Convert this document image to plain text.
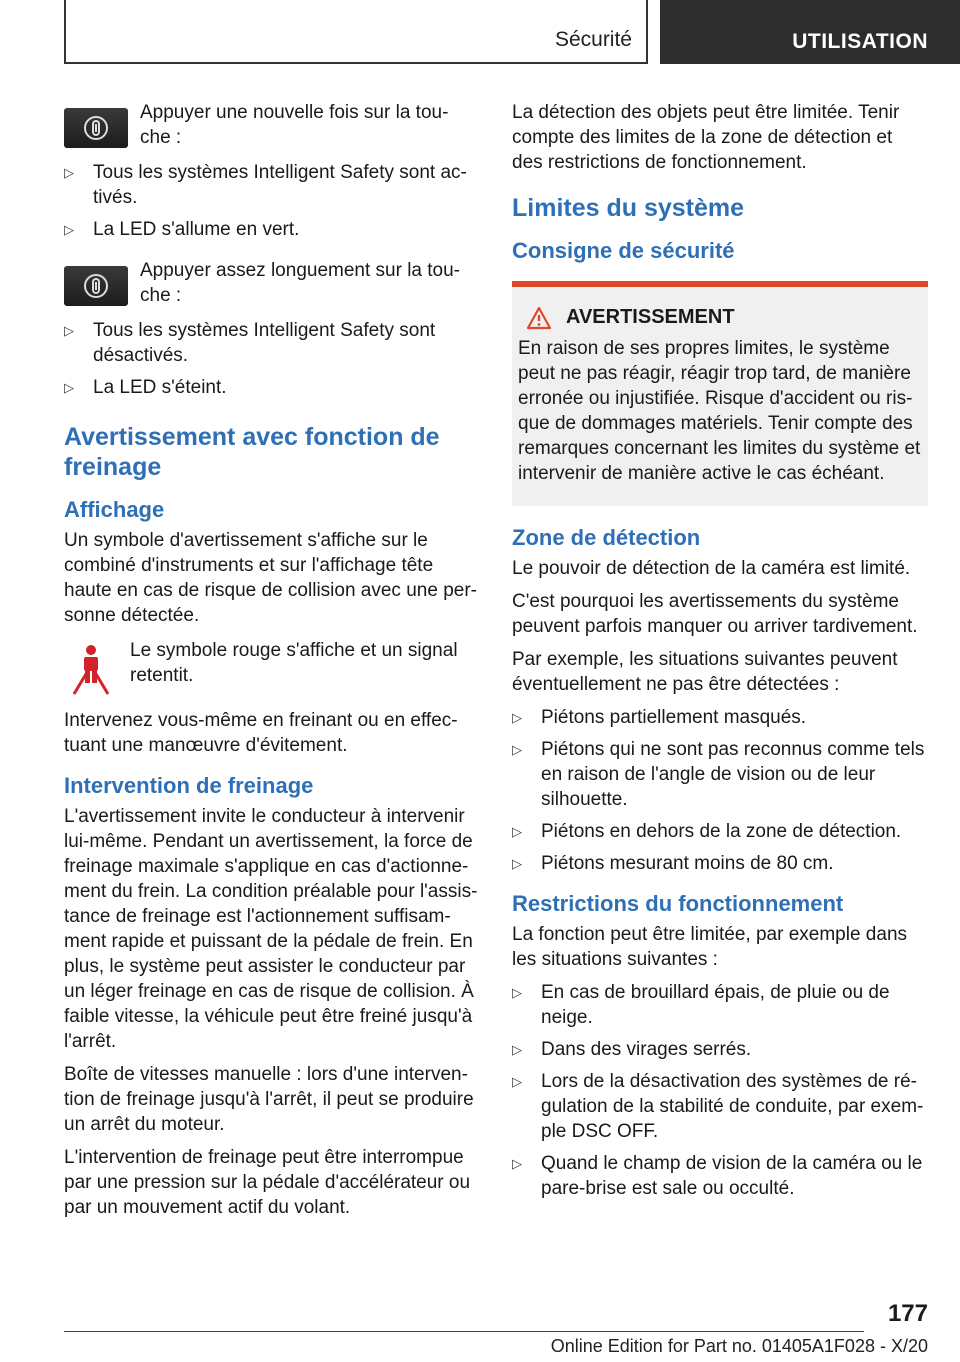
Sécurité	UTILISATION

Appuyer une nouvelle fois sur la tou-che :

▷ Tous les systèmes Intelligent Safety sont ac-tivés.
▷ La LED s'allume en vert.

Appuyer assez longuement sur la tou-che :

▷ Tous les systèmes Intelligent Safety sont désactivés.
▷ La LED s'éteint.
Avertissement avec fonction de freinage
Affichage

Un symbole d'avertissement s'affiche sur le combiné d'instruments et sur l'affichage tête haute en cas de risque de collision avec une per-sonne détectée.

Le symbole rouge s'affiche et un signal retentit.

Intervenez vous-même en freinant ou en effec-tuant une manœuvre d'évitement.

Intervention de freinage

L'avertissement invite le conducteur à intervenir lui-même. Pendant un avertissement, la force de freinage maximale s'applique en cas d'actionne-ment du frein. La condition préalable pour l'assis-tance de freinage est l'actionnement suffisam-ment rapide et puissant de la pédale de frein. En plus, le système peut assister le conducteur par un léger freinage en cas de risque de collision. À faible vitesse, la véhicule peut être freiné jusqu'à l'arrêt.

Boîte de vitesses manuelle : lors d'une interven-tion de freinage jusqu'à l'arrêt, il peut se produire un arrêt du moteur.

L'intervention de freinage peut être interrompue par une pression sur la pédale d'accélérateur ou par un mouvement actif du volant.

La détection des objets peut être limitée. Tenir compte des limites de la zone de détection et des restrictions de fonctionnement.

Limites du système
Consigne de sécurité
AVERTISSEMENT

En raison de ses propres limites, le système peut ne pas réagir, réagir trop tard, de manière erronée ou injustifiée. Risque d'accident ou ris-que de dommages matériels. Tenir compte des remarques concernant les limites du système et intervenir de manière active le cas échéant.

Zone de détection

Le pouvoir de détection de la caméra est limité.

C'est pourquoi les avertissements du système peuvent parfois manquer ou arriver tardivement.

Par exemple, les situations suivantes peuvent éventuellement ne pas être détectées :

▷ Piétons partiellement masqués.
▷ Piétons qui ne sont pas reconnus comme tels en raison de l'angle de vision ou de leur silhouette.
▷ Piétons en dehors de la zone de détection.
▷ Piétons mesurant moins de 80 cm.
Restrictions du fonctionnement

La fonction peut être limitée, par exemple dans les situations suivantes :

▷ En cas de brouillard épais, de pluie ou de neige.
▷ Dans des virages serrés.
▷ Lors de la désactivation des systèmes de ré-gulation de la stabilité de conduite, par exem-ple DSC OFF.
▷ Quand le champ de vision de la caméra ou le pare-brise est sale ou occulté.
177
Online Edition for Part no. 01405A1F028 - X/20
